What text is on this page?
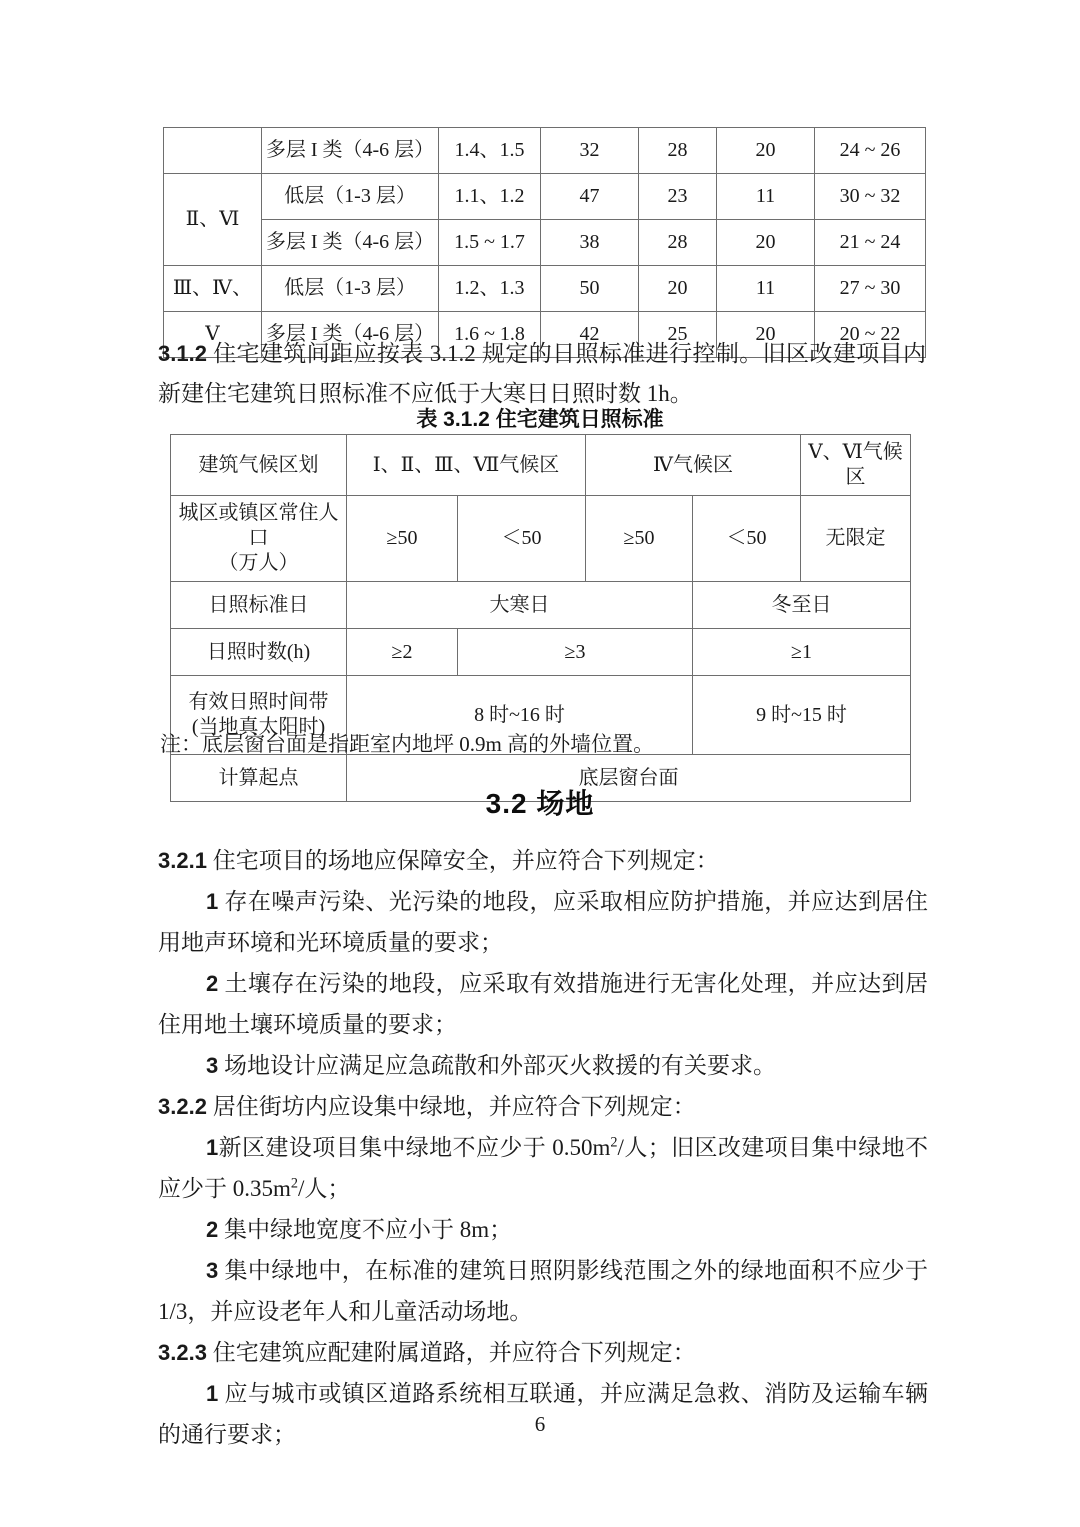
	多层 I 类（4-6 层）	1.4、1.5	32	28	20	24 ~ 26
Ⅱ、Ⅵ	低层（1-3 层）	1.1、1.2	47	23	11	30 ~ 32
	多层 I 类（4-6 层）	1.5 ~ 1.7	38	28	20	21 ~ 24
Ⅲ、Ⅳ、	低层（1-3 层）	1.2、1.3	50	20	11	27 ~ 30
Ⅴ	多层 I 类（4-6 层）	1.6 ~ 1.8	42	25	20	20 ~ 22
3.1.2 住宅建筑间距应按表 3.1.2 规定的日照标准进行控制。旧区改建项目内新建住宅建筑日照标准不应低于大寒日日照时数 1h。
表 3.1.2 住宅建筑日照标准
建筑气候区划	Ⅰ、Ⅱ、Ⅲ、Ⅶ气候区		Ⅳ气候区		Ⅴ、Ⅵ气候区

城区或镇区常住人口
（万人）	≥50	＜50	≥50	＜50	无限定
日照标准日	大寒日			冬至日	
日照时数(h)	≥2	≥3		≥1	

有效日照时间带
(当地真太阳时)	8 时~16 时			9 时~15 时	
计算起点	底层窗台面				
注：底层窗台面是指距室内地坪 0.9m 高的外墙位置。
3.2 场地

3.2.1 住宅项目的场地应保障安全，并应符合下列规定：

1 存在噪声污染、光污染的地段，应采取相应防护措施，并应达到居住用地声环境和光环境质量的要求；

2 土壤存在污染的地段，应采取有效措施进行无害化处理，并应达到居住用地土壤环境质量的要求；

3 场地设计应满足应急疏散和外部灭火救援的有关要求。

3.2.2 居住街坊内应设集中绿地，并应符合下列规定：

1新区建设项目集中绿地不应少于 $0.50m^2/$人；旧区改建项目集中绿地不应少于 $0.35m^2/$人；

2 集中绿地宽度不应小于 8m；

3 集中绿地中，在标准的建筑日照阴影线范围之外的绿地面积不应少于 1/3，并应设老年人和儿童活动场地。

3.2.3 住宅建筑应配建附属道路，并应符合下列规定：

1 应与城市或镇区道路系统相互联通，并应满足急救、消防及运输车辆的通行要求；	6
